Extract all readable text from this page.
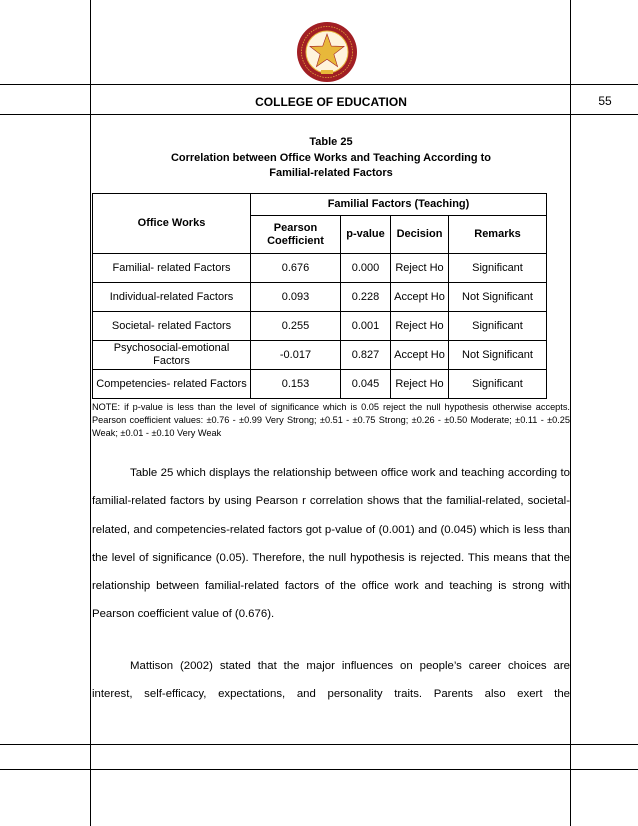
COLLEGE OF EDUCATION	55
Table 25
Correlation between Office Works and Teaching According to
Familial-related Factors
Office Works	Familial Factors (Teaching)			
	Pearson Coefficient	p-value	Decision	Remarks
Familial- related Factors	0.676	0.000	Reject Ho	Significant
Individual-related Factors	0.093	0.228	Accept Ho	Not Significant
Societal- related Factors	0.255	0.001	Reject Ho	Significant
Psychosocial-emotional Factors	-0.017	0.827	Accept Ho	Not Significant
Competencies- related Factors	0.153	0.045	Reject Ho	Significant
NOTE: if p-value is less than the level of significance which is 0.05 reject the null hypothesis otherwise accepts. Pearson coefficient values: ±0.76 - ±0.99 Very Strong; ±0.51 - ±0.75 Strong; ±0.26 - ±0.50 Moderate; ±0.11 - ±0.25 Weak; ±0.01 - ±0.10 Very Weak
Table 25 which displays the relationship between office work and teaching according to familial-related factors by using Pearson r correlation shows that the familial-related, societal-related, and competencies-related factors got p-value of (0.001) and (0.045) which is less than the level of significance (0.05). Therefore, the null hypothesis is rejected. This means that the relationship between familial-related factors of the office work and teaching is strong with Pearson coefficient value of (0.676).
Mattison (2002) stated that the major influences on people’s career choices are interest, self-efficacy, expectations, and personality traits. Parents also exert the
